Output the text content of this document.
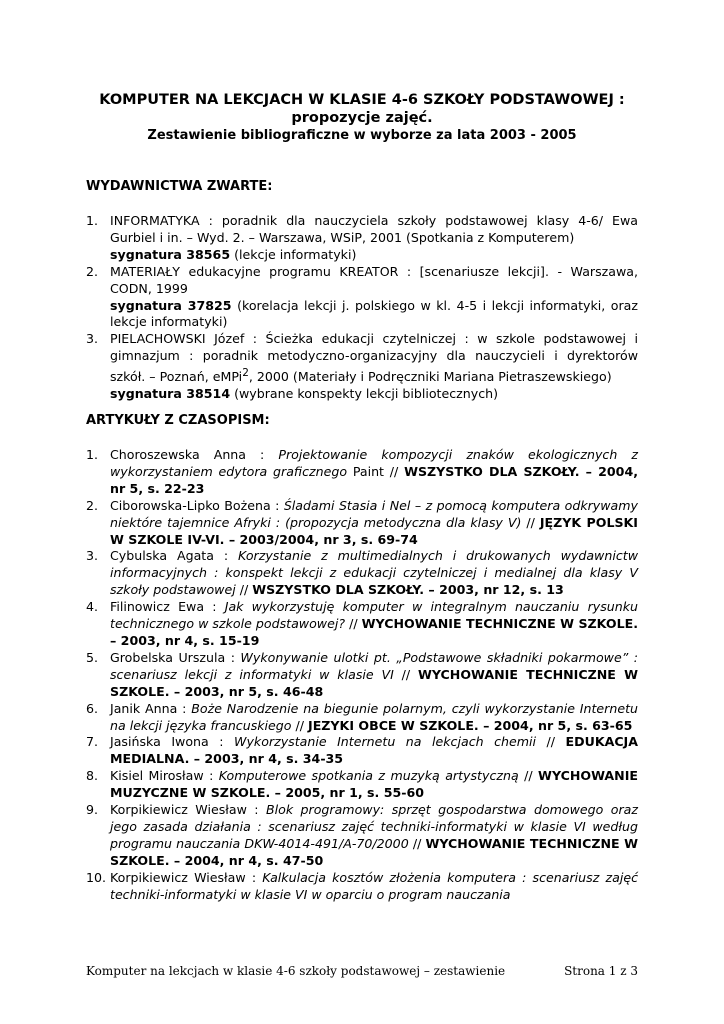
KOMPUTER NA LEKCJACH W KLASIE 4-6 SZKOŁY PODSTAWOWEJ :
propozycje zajęć.
Zestawienie bibliograficzne w wyborze za lata 2003 - 2005
WYDAWNICTWA ZWARTE:
1. INFORMATYKA : poradnik dla nauczyciela szkoły podstawowej klasy 4-6/ Ewa Gurbiel i in. – Wyd. 2. – Warszawa, WSiP, 2001 (Spotkania z Komputerem)
sygnatura 38565 (lekcje informatyki)
2. MATERIAŁY edukacyjne programu KREATOR : [scenariusze lekcji]. - Warszawa, CODN, 1999
sygnatura 37825 (korelacja lekcji j. polskiego w kl. 4-5 i lekcji informatyki, oraz lekcje informatyki)
3. PIELACHOWSKI Józef : Ścieżka edukacji czytelniczej : w szkole podstawowej i gimnazjum : poradnik metodyczno-organizacyjny dla nauczycieli i dyrektorów szkół. – Poznań, eMPi$^2$, 2000 (Materiały i Podręczniki Mariana Pietraszewskiego)
sygnatura 38514 (wybrane konspekty lekcji bibliotecznych)
ARTYKUŁY Z CZASOPISM:
1. Choroszewska Anna : Projektowanie kompozycji znaków ekologicznych z wykorzystaniem edytora graficznego Paint // WSZYSTKO DLA SZKOŁY. – 2004, nr 5, s. 22-23
2. Ciborowska-Lipko Bożena : Śladami Stasia i Nel – z pomocą komputera odkrywamy niektóre tajemnice Afryki : (propozycja metodyczna dla klasy V) // JĘZYK POLSKI W SZKOLE IV-VI. – 2003/2004, nr 3, s. 69-74
3. Cybulska Agata : Korzystanie z multimedialnych i drukowanych wydawnictw informacyjnych : konspekt lekcji z edukacji czytelniczej i medialnej dla klasy V szkoły podstawowej // WSZYSTKO DLA SZKOŁY. – 2003, nr 12, s. 13
4. Filinowicz Ewa : Jak wykorzystuję komputer w integralnym nauczaniu rysunku technicznego w szkole podstawowej? // WYCHOWANIE TECHNICZNE W SZKOLE. – 2003, nr 4, s. 15-19
5. Grobelska Urszula : Wykonywanie ulotki pt. „Podstawowe składniki pokarmowe” : scenariusz lekcji z informatyki w klasie VI // WYCHOWANIE TECHNICZNE W SZKOLE. – 2003, nr 5, s. 46-48
6. Janik Anna : Boże Narodzenie na biegunie polarnym, czyli wykorzystanie Internetu na lekcji języka francuskiego // JEZYKI OBCE W SZKOLE. – 2004, nr 5, s. 63-65
7. Jasińska Iwona : Wykorzystanie Internetu na lekcjach chemii // EDUKACJA MEDIALNA. – 2003, nr 4, s. 34-35
8. Kisiel Mirosław : Komputerowe spotkania z muzyką artystyczną // WYCHOWANIE MUZYCZNE W SZKOLE. – 2005, nr 1, s. 55-60
9. Korpikiewicz Wiesław : Blok programowy: sprzęt gospodarstwa domowego oraz jego zasada działania : scenariusz zajęć techniki-informatyki w klasie VI według programu nauczania DKW-4014-491/A-70/2000 // WYCHOWANIE TECHNICZNE W SZKOLE. – 2004, nr 4, s. 47-50
10. Korpikiewicz Wiesław : Kalkulacja kosztów złożenia komputera : scenariusz zajęć techniki-informatyki w klasie VI w oparciu o program nauczania
Komputer na lekcjach w klasie 4-6 szkoły podstawowej – zestawienie	Strona 1 z 3
